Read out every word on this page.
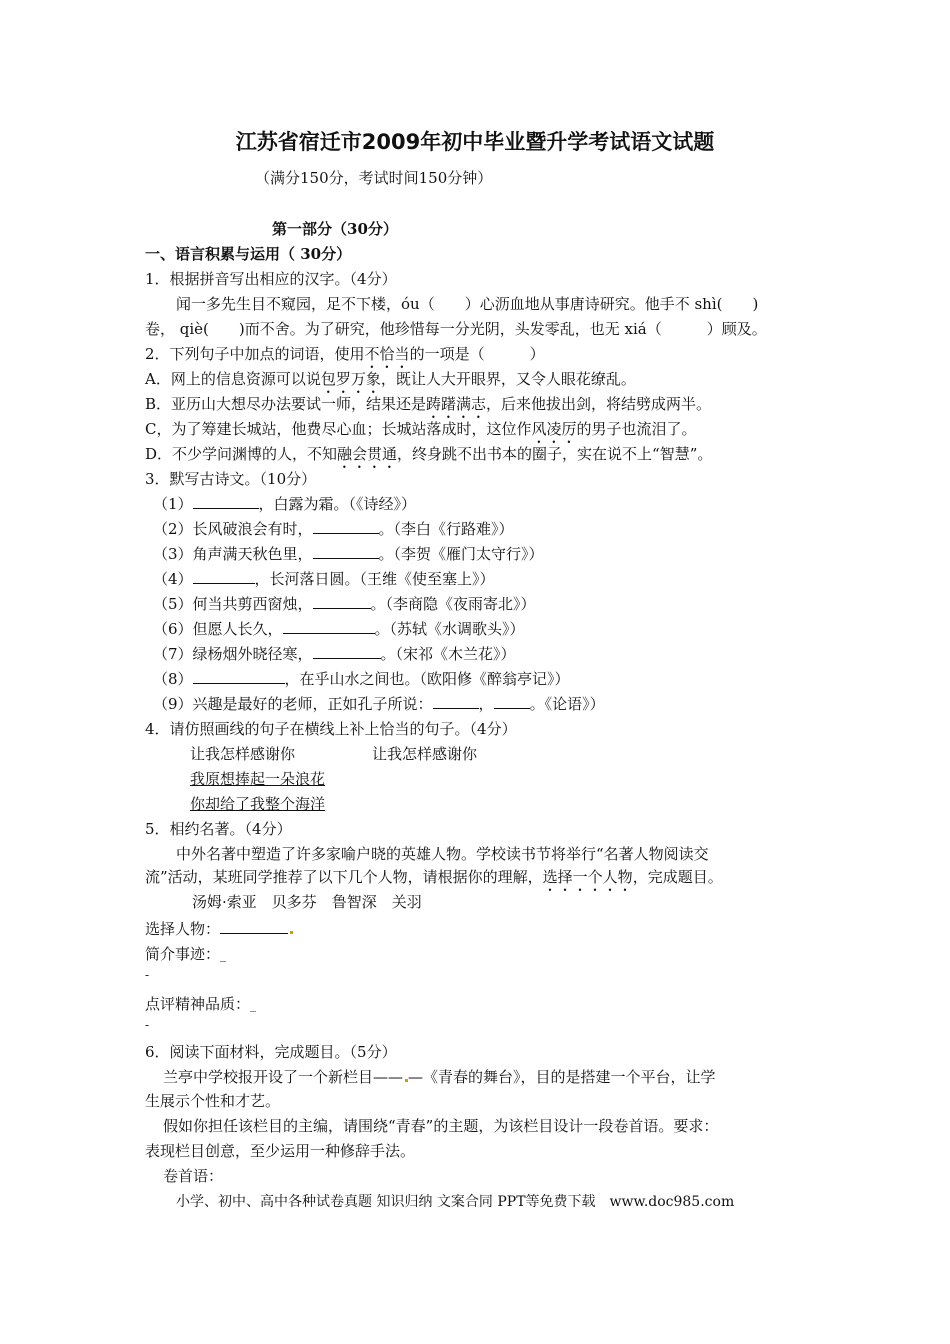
江苏省宿迁市2009年初中毕业暨升学考试语文试题
（满分150分，考试时间150分钟）
第一部分（30分）
一、语言积累与运用（ 30分）
1．根据拼音写出相应的汉字。（4分）
闻一多先生目不窥园，足不下楼，óu（　　）心沥血地从事唐诗研究。他手不 shì(　　)
卷， qiè(　　)而不舍。为了研究，他珍惜每一分光阴，头发零乱，也无 xiá（　　　）顾及。
2．下列句子中加点的词语，使用不恰当的一项是（　　　）
A．网上的信息资源可以说包罗万象，既让人大开眼界，又令人眼花缭乱。
B．亚历山大想尽办法要试一师，结果还是踌躇满志，后来他拔出剑，将结劈成两半。
C，为了筹建长城站，他费尽心血；长城站落成时，这位作风凌厉的男子也流泪了。
D．不少学问渊博的人，不知融会贯通，终身跳不出书本的圈子，实在说不上“智慧”。
3．默写古诗文。（10分）
（1）	，白露为霜。（《诗经》）
（2）长风破浪会有时，	。（李白《行路难》）
（3）角声满天秋色里，	。（李贺《雁门太守行》）
（4）	，长河落日圆。（王维《使至塞上》）
（5）何当共剪西窗烛，	。（李商隐《夜雨寄北》）
（6）但愿人长久，	。（苏轼《水调歌头》）
（7）绿杨烟外晓径寒，	。（宋祁《木兰花》）
（8）	，在乎山水之间也。（欧阳修《醉翁亭记》）
（9）兴趣是最好的老师，正如孔子所说：	， 。《论语》）
4．请仿照画线的句子在横线上补上恰当的句子。（4分）
让我怎样感谢你	让我怎样感谢你
我原想捧起一朵浪花
你却给了我整个海洋
5．相约名著。（4分）
中外名著中塑造了许多家喻户晓的英雄人物。学校读书节将举行“名著人物阅读交
流”活动，某班同学推荐了以下几个人物，请根据你的理解，选择一个人物，完成题目。
汤姆·索亚　贝多芬　鲁智深　关羽
选择人物：
简介事迹：_
-
点评精神品质：_
-
6．阅读下面材料，完成题目。（5分）
兰亭中学校报开设了一个新栏目—— —《青春的舞台》，目的是搭建一个平台，让学
生展示个性和才艺。
假如你担任该栏目的主编，请围绕“青春”的主题，为该栏目设计一段卷首语。要求：
表现栏目创意，至少运用一种修辞手法。
卷首语：
小学、初中、高中各种试卷真题 知识归纳 文案合同 PPT等免费下载　www.doc985.com
